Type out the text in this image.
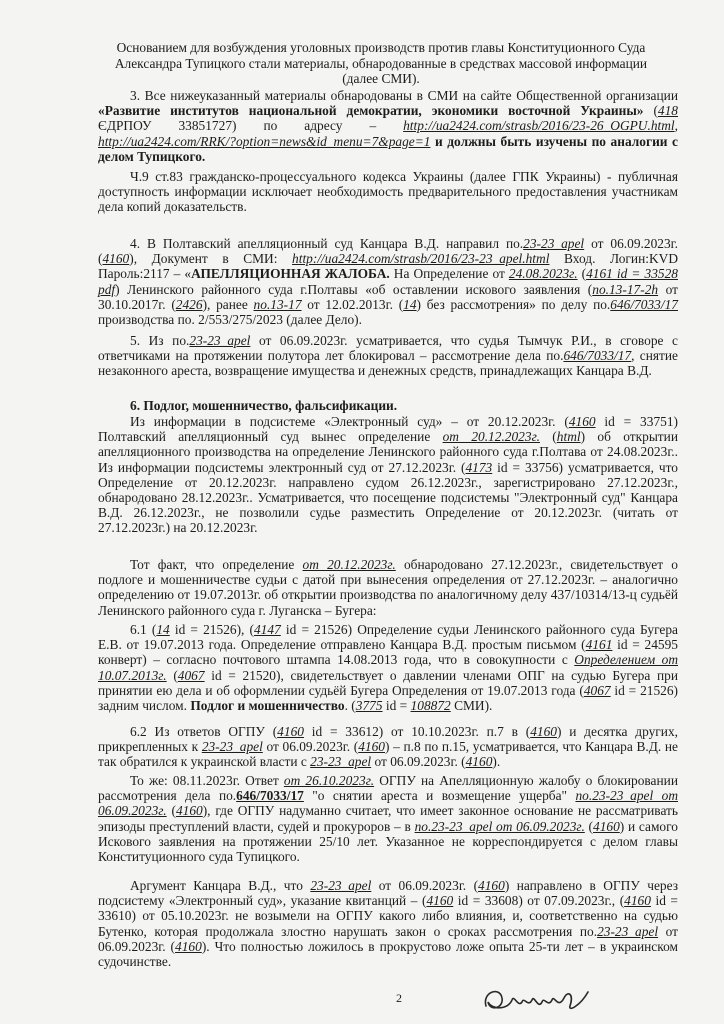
Основанием для возбуждения уголовных производств против главы Конституционного Суда Александра Тупицкого стали материалы, обнародованные в средствах массовой информации (далее СМИ).
3. Все нижеуказанный материалы обнародованы в СМИ на сайте Общественной организации «Развитие институтов национальной демократии, экономики восточной Украины» (418 ЄДРПОУ 33851727) по адресу – http://ua2424.com/strasb/2016/23-26_OGPU.html, http://ua2424.com/RRK/?option=news&id_menu=7&page=1 и должны быть изучены по аналогии с делом Тупицкого.
Ч.9 ст.83 гражданско-процессуального кодекса Украины (далее ГПК Украины) - публичная доступность информации исключает необходимость предварительного предоставления участникам дела копий доказательств.
4. В Полтавский апелляционный суд Канцара В.Д. направил по.23-23_apel от 06.09.2023г. (4160), Документ в СМИ: http://ua2424.com/strasb/2016/23-23_apel.html Вход. Логин:KVD Пароль:2117 – «АПЕЛЛЯЦИОННАЯ ЖАЛОБА. На Определение от 24.08.2023г. (4161 id = 33528 pdf) Ленинского районного суда г.Полтавы «об оставлении искового заявления (по.13-17-2h от 30.10.2017г. (2426), ранее по.13-17 от 12.02.2013г. (14) без рассмотрения» по делу по.646/7033/17 производства по. 2/553/275/2023 (далее Дело).
5. Из по.23-23_apel от 06.09.2023г. усматривается, что судья Тымчук Р.И., в сговоре с ответчиками на протяжении полутора лет блокировал – рассмотрение дела по.646/7033/17, снятие незаконного ареста, возвращение имущества и денежных средств, принадлежащих Канцара В.Д.
6. Подлог, мошенничество, фальсификации.
Из информации в подсистеме «Электронный суд» – от 20.12.2023г. (4160 id = 33751) Полтавский апелляционный суд вынес определение от 20.12.2023г. (html) об открытии апелляционного производства на определение Ленинского районного суда г.Полтава от 24.08.2023г.. Из информации подсистемы электронный суд от 27.12.2023г. (4173 id = 33756) усматривается, что Определение от 20.12.2023г. направлено судом 26.12.2023г., зарегистрировано 27.12.2023г., обнародовано 28.12.2023г.. Усматривается, что посещение подсистемы "Электронный суд" Канцара В.Д. 26.12.2023г., не позволили судье разместить Определение от 20.12.2023г. (читать от 27.12.2023г.) на 20.12.2023г.
Тот факт, что определение от 20.12.2023г. обнародовано 27.12.2023г., свидетельствует о подлоге и мошенничестве судьи с датой при вынесения определения от 27.12.2023г. – аналогично определению от 19.07.2013г. об открытии производства по аналогичному делу 437/10314/13-ц судьёй Ленинского районного суда г. Луганска – Бугера:
6.1 (14 id = 21526), (4147 id = 21526) Определение судьи Ленинского районного суда Бугера Е.В. от 19.07.2013 года. Определение отправлено Канцара В.Д. простым письмом (4161 id = 24595 конверт) – согласно почтового штампа 14.08.2013 года, что в совокупности с Определением от 10.07.2013г. (4067 id = 21520), свидетельствует о давлении членами ОПГ на судью Бугера при принятии ею дела и об оформлении судьёй Бугера Определения от 19.07.2013 года (4067 id = 21526) задним числом. Подлог и мошенничество. (3775 id = 108872 СМИ).
6.2 Из ответов ОГПУ (4160 id = 33612) от 10.10.2023г. п.7 в (4160) и десятка других, прикрепленных к 23-23_apel от 06.09.2023г. (4160) – п.8 по п.15, усматривается, что Канцара В.Д. не так обратился к украинской власти с 23-23_apel от 06.09.2023г. (4160).
То же: 08.11.2023г. Ответ от 26.10.2023г. ОГПУ на Апелляционную жалобу о блокировании рассмотрения дела по.646/7033/17 "о снятии ареста и возмещение ущерба" по.23-23_apel от 06.09.2023г. (4160), где ОГПУ надуманно считает, что имеет законное основание не рассматривать эпизоды преступлений власти, судей и прокуроров – в по.23-23_apel от 06.09.2023г. (4160) и самого Искового заявления на протяжении 25/10 лет. Указанное не корреспондируется с делом главы Конституционного суда Тупицкого.
Аргумент Канцара В.Д., что 23-23_apel от 06.09.2023г. (4160) направлено в ОГПУ через подсистему «Электронный суд», указание квитанций – (4160 id = 33608) от 07.09.2023г., (4160 id = 33610) от 05.10.2023г. не возымели на ОГПУ какого либо влияния, и, соответственно на судью Бутенко, которая продолжала злостно нарушать закон о сроках рассмотрения по.23-23_apel от 06.09.2023г. (4160). Что полностью ложилось в прокрустово ложе опыта 25-ти лет – в украинском судочинстве.
2
